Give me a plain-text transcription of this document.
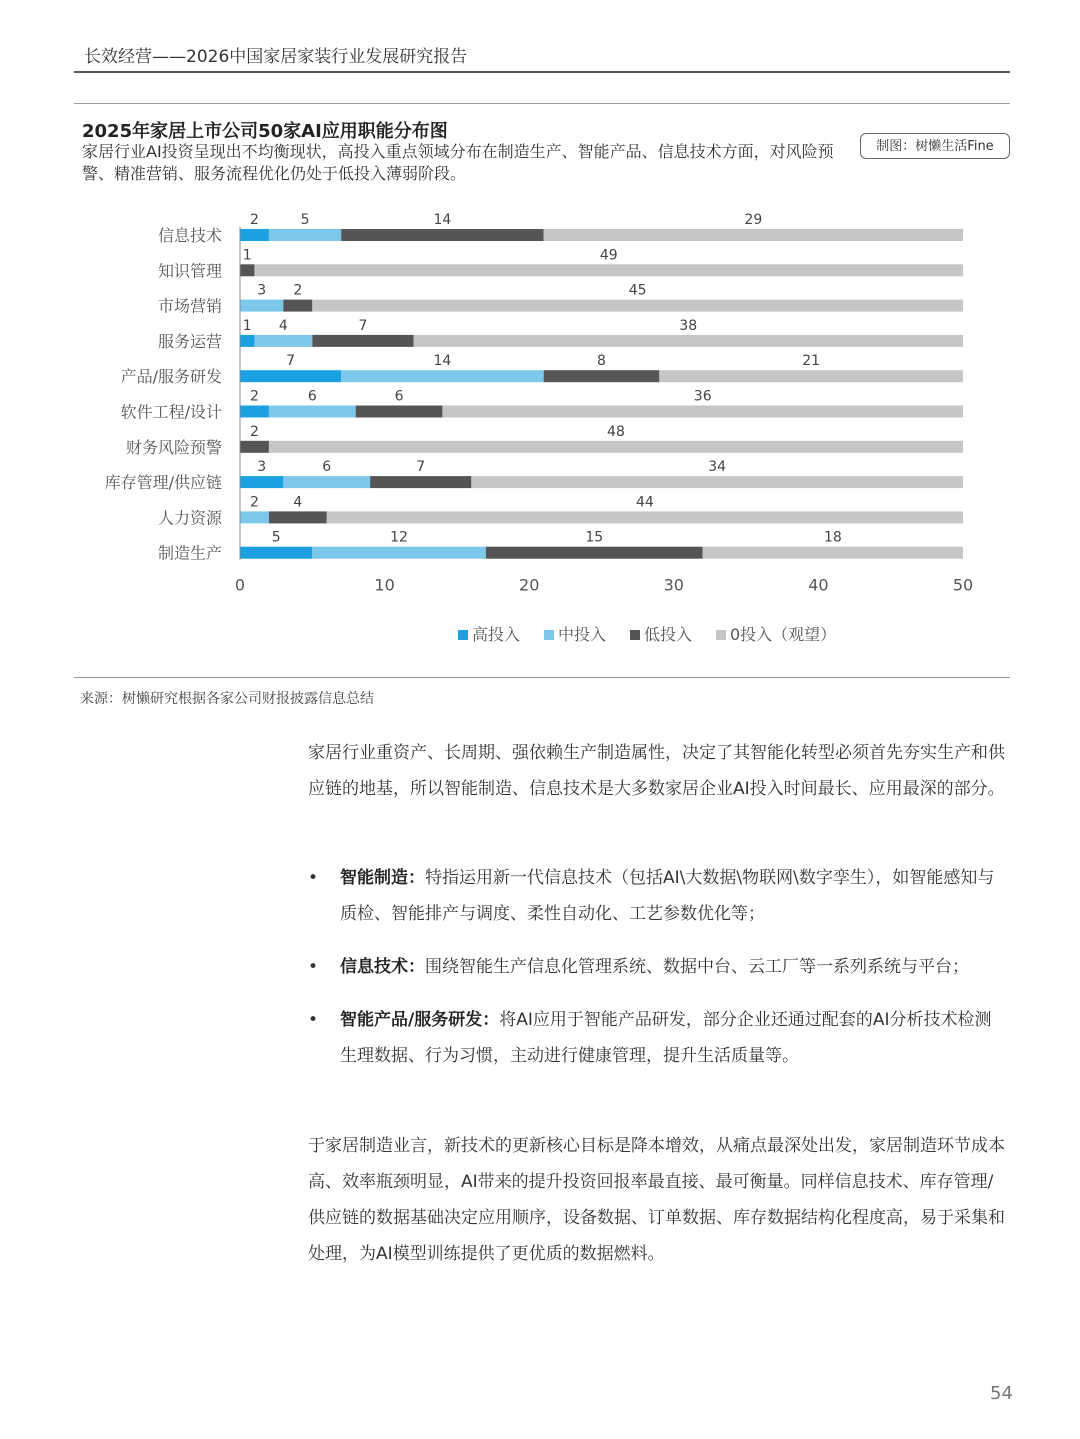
长效经营——2026中国家居家装行业发展研究报告
2025年家居上市公司50家AI应用职能分布图
家居行业AI投资呈现出不均衡现状，高投入重点领域分布在制造生产、智能产品、信息技术方面，对风险预警、精准营销、服务流程优化仍处于低投入薄弱阶段。
制图：树懒生活Fine
信息技术
2	5	14	29
知识管理
1	49
市场营销
3 2	45
服务运营
1 4	7	38
产品/服务研发
7	14	8	21
软件工程/设计
2	6	6	36
财务风险预警
2	48
库存管理/供应链
3	6	7	34
人力资源
2 4	44
制造生产
5	12	15	18
0	10	20	30	40	50
高投入 中投入 低投入 0投入（观望）
来源：树懒研究根据各家公司财报披露信息总结

家居行业重资产、长周期、强依赖生产制造属性，决定了其智能化转型必须首先夯实生产和供应链的地基，所以智能制造、信息技术是大多数家居企业AI投入时间最长、应用最深的部分。

• 智能制造：特指运用新一代信息技术（包括AI\大数据\物联网\数字孪生），如智能感知与质检、智能排产与调度、柔性自动化、工艺参数优化等；
• 信息技术：围绕智能生产信息化管理系统、数据中台、云工厂等一系列系统与平台；
• 智能产品/服务研发：将AI应用于智能产品研发，部分企业还通过配套的AI分析技术检测生理数据、行为习惯，主动进行健康管理，提升生活质量等。

于家居制造业言，新技术的更新核心目标是降本增效，从痛点最深处出发，家居制造环节成本高、效率瓶颈明显，AI带来的提升投资回报率最直接、最可衡量。同样信息技术、库存管理/供应链的数据基础决定应用顺序，设备数据、订单数据、库存数据结构化程度高，易于采集和处理，为AI模型训练提供了更优质的数据燃料。

54
